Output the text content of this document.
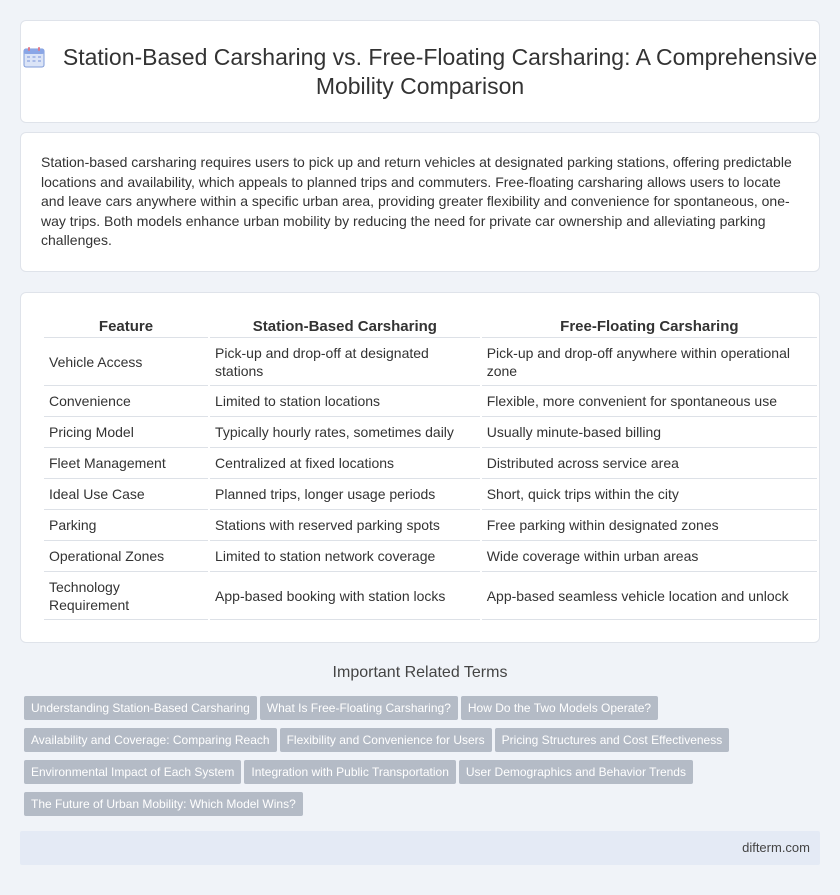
Station-Based Carsharing vs. Free-Floating Carsharing: A Comprehensive Mobility Comparison

Station-based carsharing requires users to pick up and return vehicles at designated parking stations, offering predictable locations and availability, which appeals to planned trips and commuters. Free-floating carsharing allows users to locate and leave cars anywhere within a specific urban area, providing greater flexibility and convenience for spontaneous, one-way trips. Both models enhance urban mobility by reducing the need for private car ownership and alleviating parking challenges.

Feature	Station-Based Carsharing	Free-Floating Carsharing
Vehicle Access	Pick-up and drop-off at designated stations	Pick-up and drop-off anywhere within operational zone
Convenience	Limited to station locations	Flexible, more convenient for spontaneous use
Pricing Model	Typically hourly rates, sometimes daily	Usually minute-based billing
Fleet Management	Centralized at fixed locations	Distributed across service area
Ideal Use Case	Planned trips, longer usage periods	Short, quick trips within the city
Parking	Stations with reserved parking spots	Free parking within designated zones
Operational Zones	Limited to station network coverage	Wide coverage within urban areas
Technology Requirement	App-based booking with station locks	App-based seamless vehicle location and unlock
Important Related Terms
Understanding Station-Based Carsharing What Is Free-Floating Carsharing? How Do the Two Models Operate?
Availability and Coverage: Comparing Reach Flexibility and Convenience for Users Pricing Structures and Cost Effectiveness
Environmental Impact of Each System Integration with Public Transportation User Demographics and Behavior Trends
The Future of Urban Mobility: Which Model Wins?
difterm.com
